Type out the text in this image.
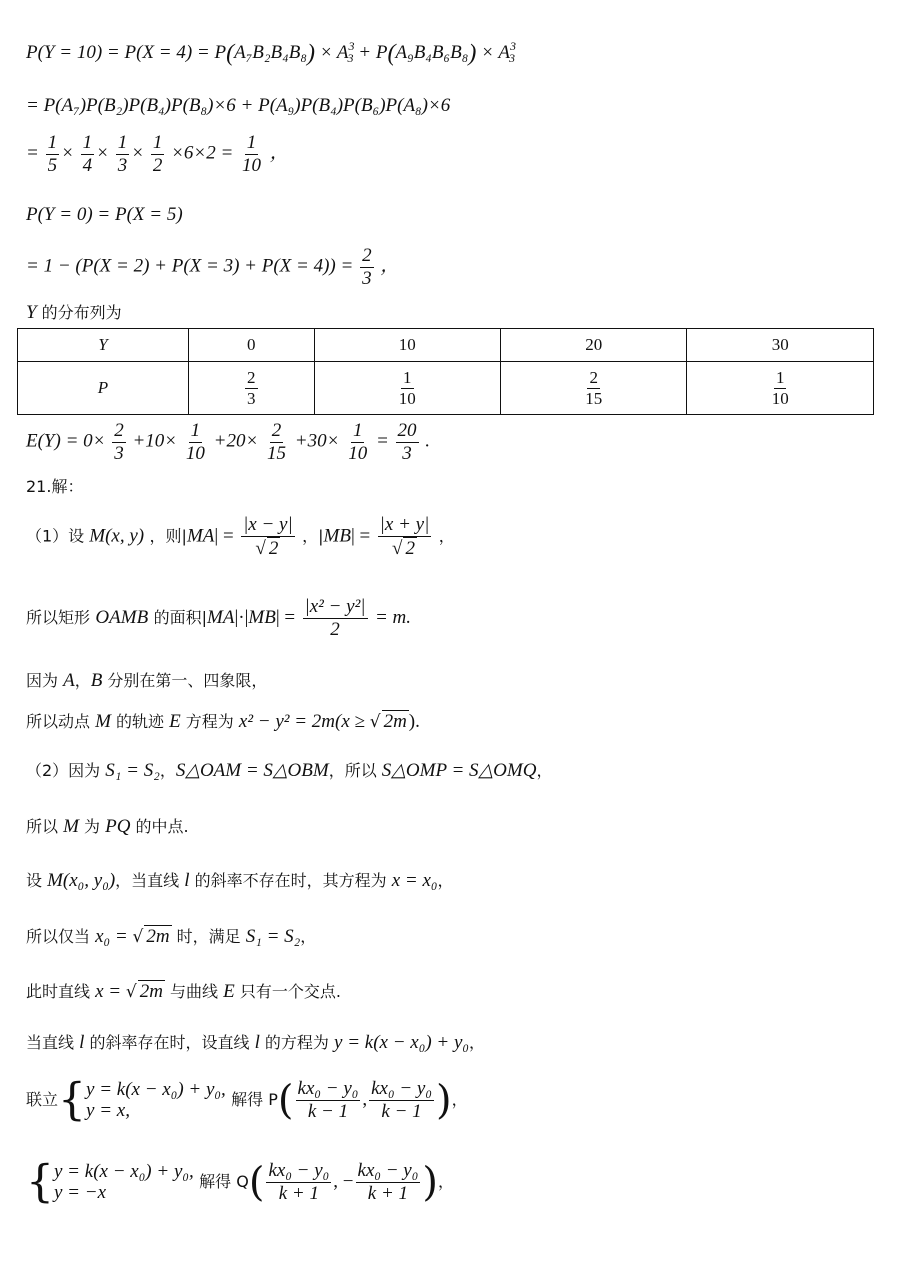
$P(Y = 10) = P(X = 4) = P(A_7B_2B_4B_8) \times A^3_3 + P(A_9B_4B_6B_8) \times A^3_3$
= P(A₇)P(B₂)P(B₄)P(B₈)×6 + P(A₉)P(B₄)P(B₆)P(A₈)×6
= $\frac{1}{5} \times \frac{1}{4} \times \frac{1}{3} \times \frac{1}{2} \times 6\times 2 = \frac{1}{10}$ ，
P(Y = 0) = P(X = 5)
= $1 - (P(X = 2) + P(X = 3) + P(X = 4)) = \frac{2}{3}$ ，
Y 的分布列为
Y	0	10	20	30
P	$\frac{2}{3}$	$\frac{1}{10}$	$\frac{2}{15}$	$\frac{1}{10}$
$E(Y) = 0\times \frac{2}{3} +10\times \frac{1}{10} +20\times \frac{2}{15} +30\times \frac{1}{10} = \frac{20}{3}$ .
21.解：
（1）设 M(x, y) ，则$|MA| = \frac{|x - y|}{√ 2}$ ，$|MB| = \frac{|x + y|}{√ 2}$ ，
所以矩形 OAMB 的面积$|MA|\cdot|MB| = \frac{\text{|x² − y²|}}{2} = m$.
因为 A，B 分别在第一、四象限，
所以动点 M 的轨迹 E 方程为 x² − y² = 2m(x ≥ √ 2m ).
（2）因为 S₁ = S₂，S△OAM = S△OBM，所以 S△OMP = S△OMQ，
所以 M 为 PQ 的中点.
设 M(x₀, y₀)，当直线 l 的斜率不存在时，其方程为 x = x₀，
所以仅当 x₀ = √ 2m 时，满足 S₁ = S₂，
此时直线 x = √ 2m 与曲线 E 只有一个交点.
当直线 l 的斜率存在时，设直线 l 的方程为 y = k(x − x₀) + y₀，
联立{ y = k(x − x₀) + y₀,
y = x,
解得 $P( \frac{\text{kx₀ − y₀}}{k - 1}$ , $\frac{\text{kx₀ − y₀}}{k - 1}$ )，
{ y = k(x − x₀) + y₀,
y = −x
解得 $Q( \frac{\text{kx₀ − y₀}}{k + 1}$ , − $\frac{\text{kx₀ − y₀}}{k + 1}$ )，
